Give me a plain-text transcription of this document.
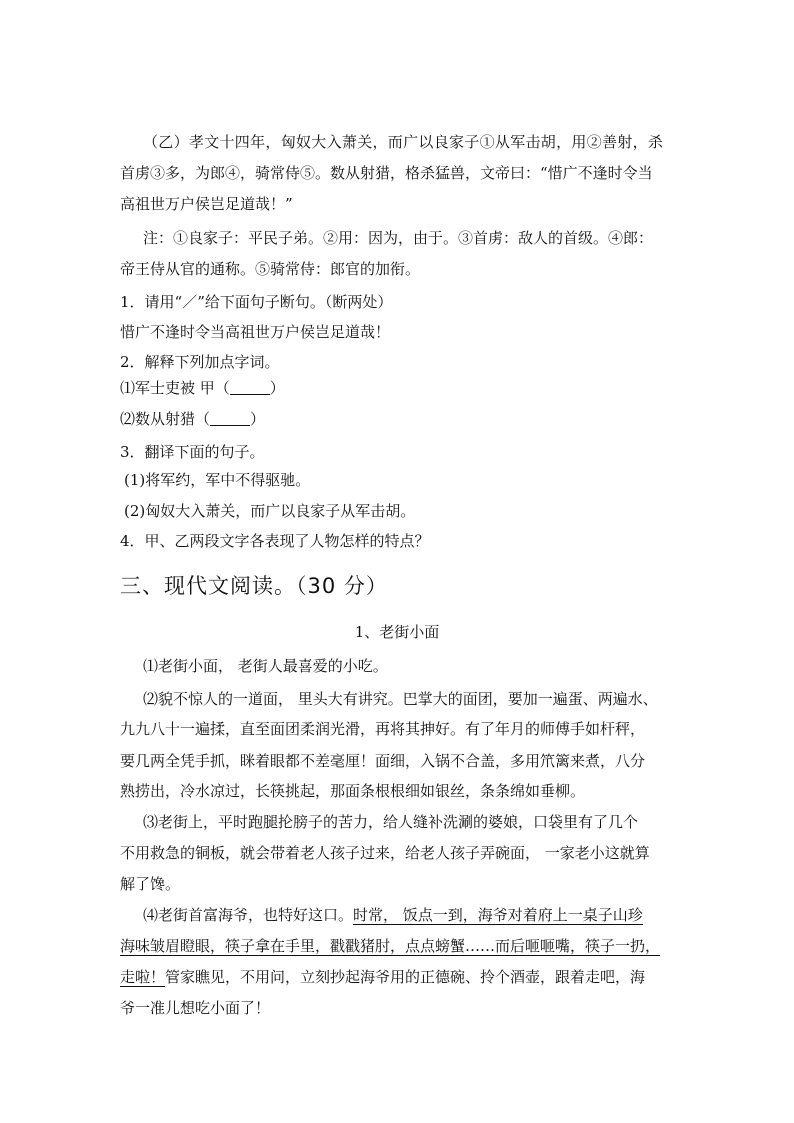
（乙）孝文十四年，匈奴大入萧关，而广以良家子①从军击胡，用②善射，杀
首虏③多，为郎④，骑常侍⑤。数从射猎，格杀猛兽，文帝曰：“惜广不逢时令当
高祖世万户侯岂足道哉！”
注：①良家子：平民子弟。②用：因为，由于。③首虏：敌人的首级。④郎：
帝王侍从官的通称。⑤骑常侍：郎官的加衔。
1．请用“／”给下面句子断句。（断两处）
惜广不逢时令当高祖世万户侯岂足道哉！
2．解释下列加点字词。
⑴军士吏被 甲（	）
⑵数从射猎（	）
3．翻译下面的句子。
(1)将军约，军中不得驱驰。
(2)匈奴大入萧关，而广以良家子从军击胡。
4．甲、乙两段文字各表现了人物怎样的特点？
三、现代文阅读。（30 分）
1、老街小面
⑴老街小面， 老街人最喜爱的小吃。
⑵貌不惊人的一道面， 里头大有讲究。巴掌大的面团，要加一遍蛋、两遍水、
九九八十一遍揉，直至面团柔润光滑，再将其抻好。有了年月的师傅手如杆秤，
要几两全凭手抓，眯着眼都不差毫厘！面细，入锅不合盖，多用笊篱来煮，八分
熟捞出，冷水凉过，长筷挑起，那面条根根细如银丝，条条绵如垂柳。
⑶老街上，平时跑腿抡膀子的苦力，给人缝补洗涮的婆娘，口袋里有了几个
不用救急的铜板，就会带着老人孩子过来，给老人孩子弄碗面， 一家老小这就算
解了馋。
⑷老街首富海爷，也特好这口。时常， 饭点一到，海爷对着府上一桌子山珍
海味皱眉瞪眼，筷子拿在手里，戳戳猪肘，点点螃蟹……而后咂咂嘴，筷子一扔，
走啦！管家瞧见，不用问，立刻抄起海爷用的正德碗、拎个酒壶，跟着走吧，海
爷一准儿想吃小面了！
